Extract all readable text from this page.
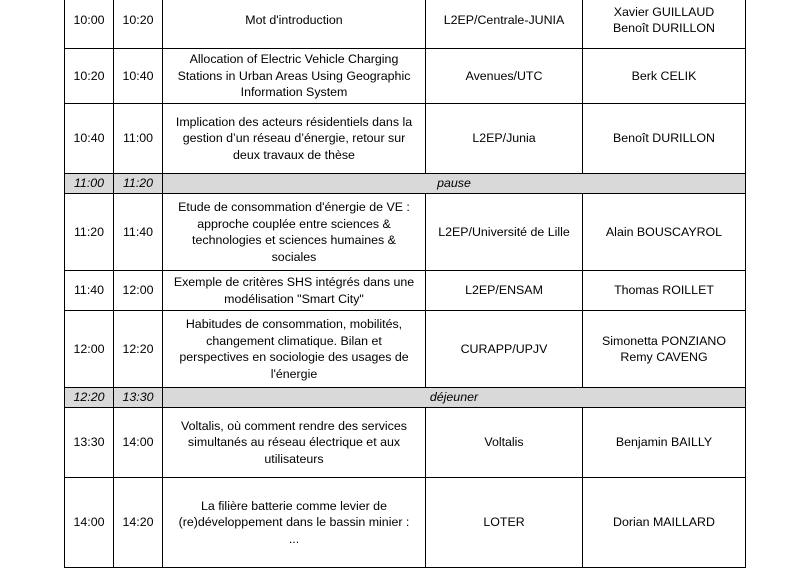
10:00	10:20	Mot d'introduction	L2EP/Centrale-JUNIA	Xavier GUILLAUD
Benoît DURILLON

10:20	10:40	Allocation of Electric Vehicle Charging
Stations in Urban Areas Using Geographic
Information System	Avenues/UTC	Berk CELIK

10:40	11:00	Implication des acteurs résidentiels dans la
gestion d’un réseau d’énergie, retour sur
deux travaux de thèse	L2EP/Junia	Benoît DURILLON

11:00	11:20	pause		

11:20	11:40	Etude de consommation d'énergie de VE :
approche couplée entre sciences &
technologies et sciences humaines &
sociales	L2EP/Université de Lille	Alain BOUSCAYROL

11:40	12:00	Exemple de critères SHS intégrés dans une
modélisation "Smart City"	L2EP/ENSAM	Thomas ROILLET

12:00	12:20	Habitudes de consommation, mobilités,
changement climatique. Bilan et
perspectives en sociologie des usages de
l'énergie	CURAPP/UPJV	Simonetta PONZIANO
Remy CAVENG

12:20	13:30	déjeuner		

13:30	14:00	Voltalis, où comment rendre des services
simultanés au réseau électrique et aux
utilisateurs	Voltalis	Benjamin BAILLY

14:00	14:20	La filière batterie comme levier de
(re)développement dans le bassin minier :
...	LOTER	Dorian MAILLARD
